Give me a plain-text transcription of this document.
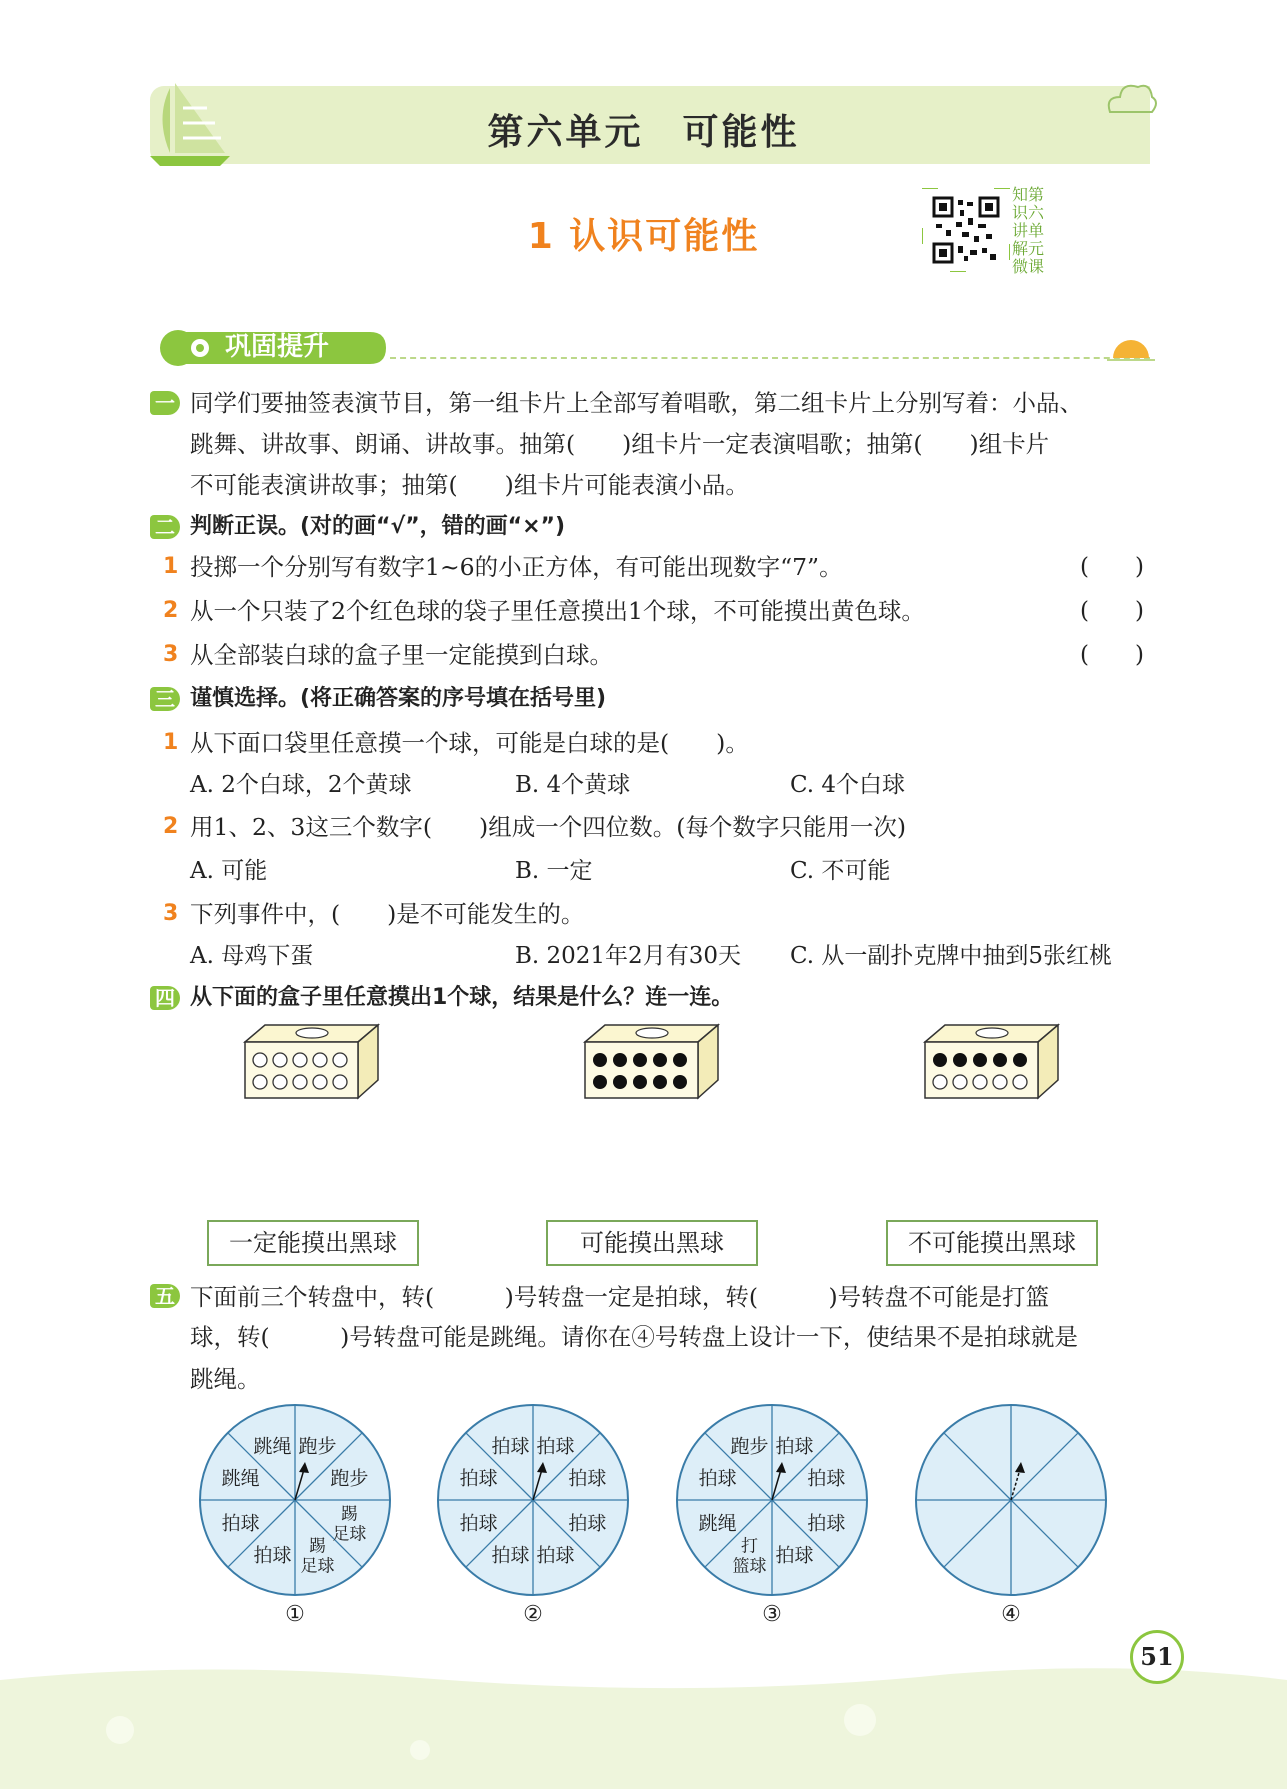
第六单元　可能性
1 认识可能性
知第
识六
讲单
解元
微课
巩固提升
一 同学们要抽签表演节目，第一组卡片上全部写着唱歌，第二组卡片上分别写着：小品、
跳舞、讲故事、朗诵、讲故事。抽第(　　)组卡片一定表演唱歌；抽第(　　)组卡片
不可能表演讲故事；抽第(　　)组卡片可能表演小品。
二 判断正误。(对的画“√”，错的画“×”)
1 投掷一个分别写有数字1~6的小正方体，有可能出现数字“7”。	(　　)
2 从一个只装了2个红色球的袋子里任意摸出1个球，不可能摸出黄色球。	(　　)
3 从全部装白球的盒子里一定能摸到白球。	(　　)
三 谨慎选择。(将正确答案的序号填在括号里)
1 从下面口袋里任意摸一个球，可能是白球的是(　　)。
A. 2个白球，2个黄球	B. 4个黄球	C. 4个白球
2 用1、2、3这三个数字(　　)组成一个四位数。(每个数字只能用一次)
A. 可能	B. 一定	C. 不可能
3 下列事件中，(　　)是不可能发生的。
A. 母鸡下蛋	B. 2021年2月有30天 C. 从一副扑克牌中抽到5张红桃
四 从下面的盒子里任意摸出1个球，结果是什么？连一连。
一定能摸出黑球	可能摸出黑球	不可能摸出黑球
五 下面前三个转盘中，转(　　　)号转盘一定是拍球，转(　　　)号转盘不可能是打篮
球，转(　　　)号转盘可能是跳绳。请你在④号转盘上设计一下，使结果不是拍球就是
跳绳。
跑步
跑步
踢足球
踢足球
拍球
拍球
跳绳
跳绳	拍球
拍球
拍球
拍球
拍球
拍球
拍球
拍球	拍球
拍球
拍球
拍球
打篮球
跳绳
拍球
跑步
①	②	③	④
51
